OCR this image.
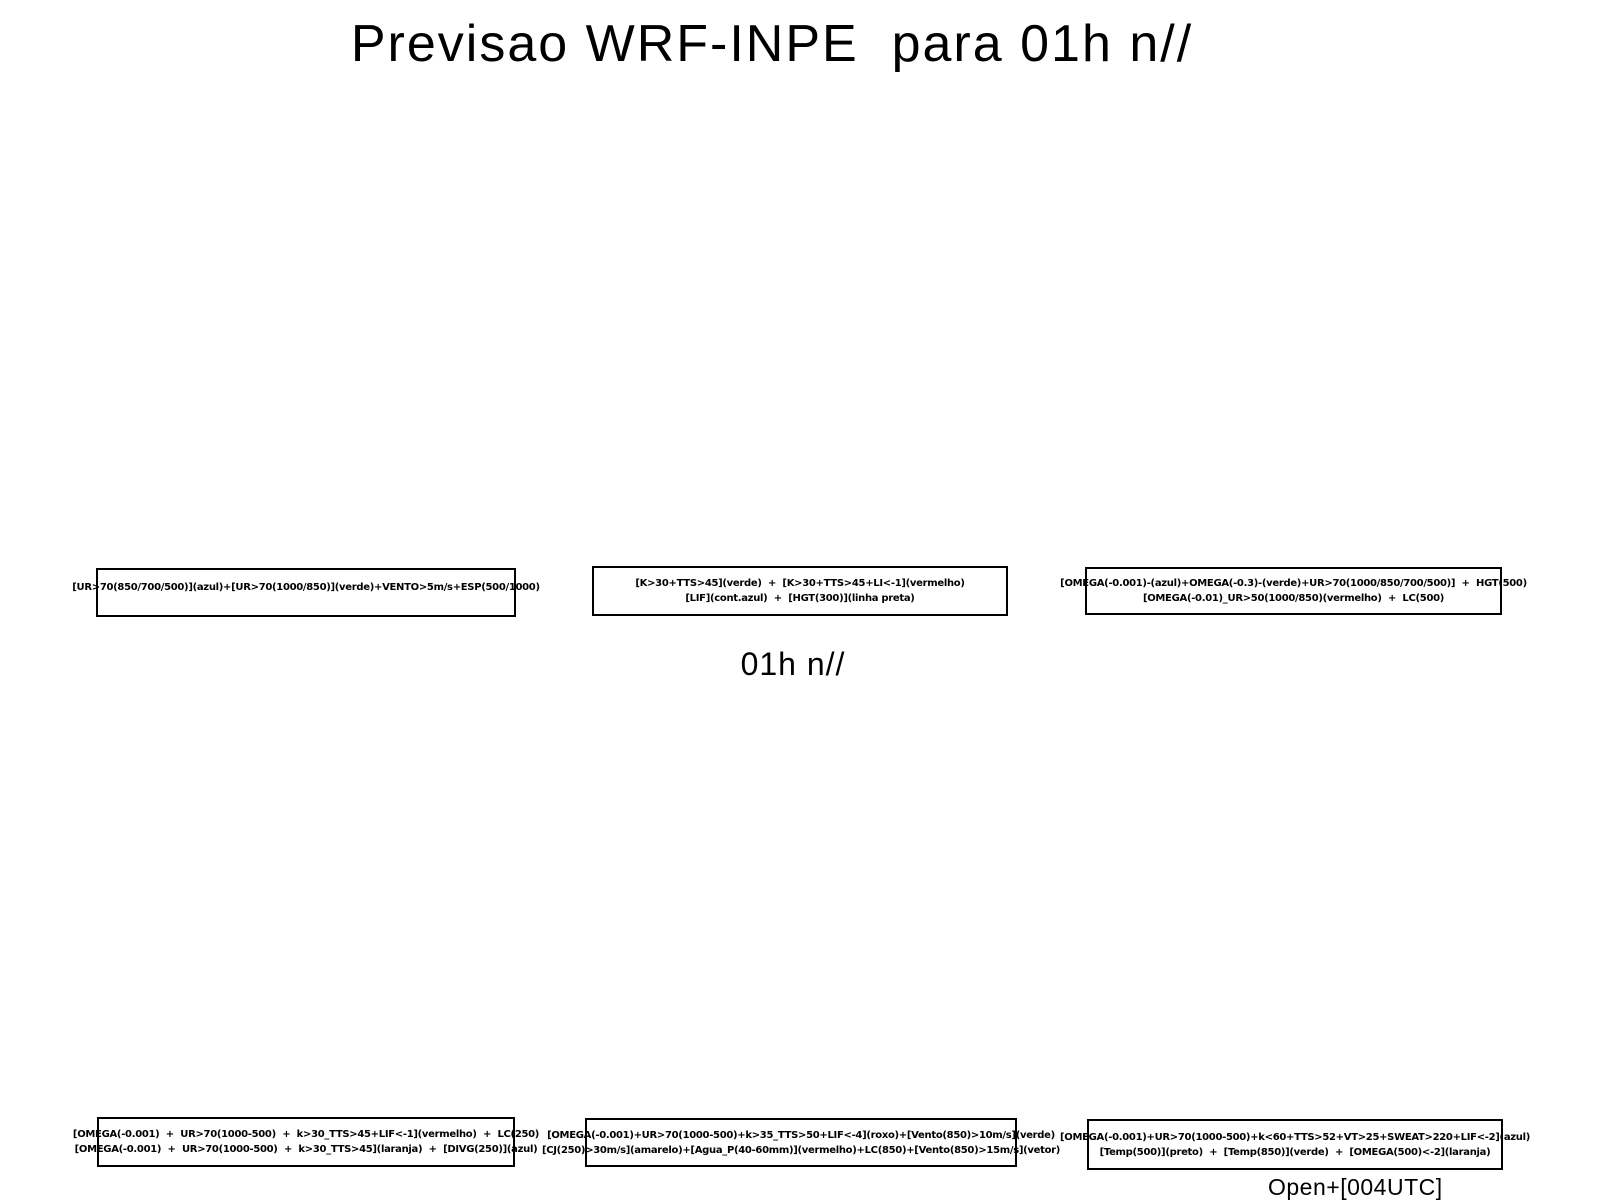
Previsao WRF-INPE  para 01h n//
[UR>70(850/700/500)](azul)+[UR>70(1000/850)](verde)+VENTO>5m/s+ESP(500/1000)	[K>30+TTS>45](verde)  +  [K>30+TTS>45+LI<-1](vermelho)
[LIF](cont.azul)  +  [HGT(300)](linha preta)
[OMEGA(-0.001)-(azul)+OMEGA(-0.3)-(verde)+UR>70(1000/850/700/500)]  +  HGT(500)
[OMEGA(-0.01)_UR>50(1000/850)(vermelho)  +  LC(500)
01h n//
[OMEGA(-0.001)  +  UR>70(1000-500)  +  k>30_TTS>45+LIF<-1](vermelho)  +  LC(250)
[OMEGA(-0.001)  +  UR>70(1000-500)  +  k>30_TTS>45](laranja)  +  [DIVG(250)](azul)
[OMEGA(-0.001)+UR>70(1000-500)+k>35_TTS>50+LIF<-4](roxo)+[Vento(850)>10m/s](verde)
[CJ(250)>30m/s](amarelo)+[Agua_P(40-60mm)](vermelho)+LC(850)+[Vento(850)>15m/s](vetor)
[OMEGA(-0.001)+UR>70(1000-500)+k<60+TTS>52+VT>25+SWEAT>220+LIF<-2](azul)
[Temp(500)](preto)  +  [Temp(850)](verde)  +  [OMEGA(500)<-2](laranja)
Open+[004UTC]
